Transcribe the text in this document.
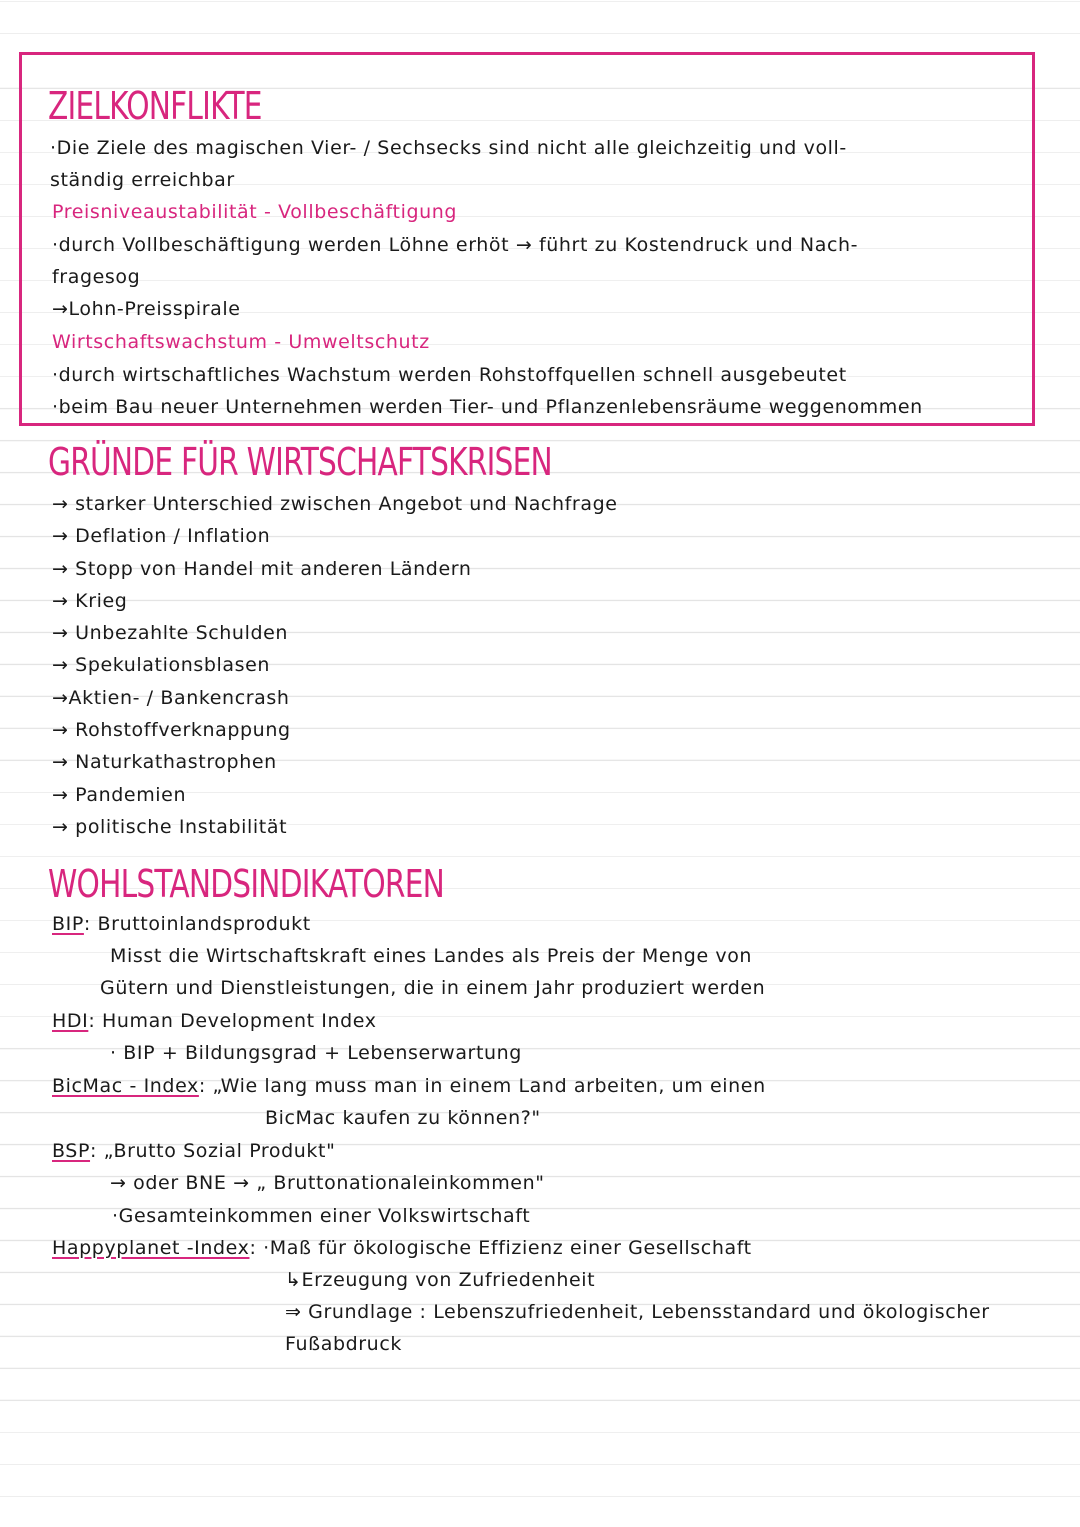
ZIELKONFLIKTE
·Die Ziele des magischen Vier- / Sechsecks sind nicht alle gleichzeitig und voll-
ständig erreichbar
Preisniveaustabilität - Vollbeschäftigung
·durch Vollbeschäftigung werden Löhne erhöt → führt zu Kostendruck und Nach-
fragesog
→Lohn-Preisspirale
Wirtschaftswachstum - Umweltschutz
·durch wirtschaftliches Wachstum werden Rohstoffquellen schnell ausgebeutet
·beim Bau neuer Unternehmen werden Tier- und Pflanzenlebensräume weggenommen
GRÜNDE FÜR WIRTSCHAFTSKRISEN
→ starker Unterschied zwischen Angebot und Nachfrage
→ Deflation / Inflation
→ Stopp von Handel mit anderen Ländern
→ Krieg
→ Unbezahlte Schulden
→ Spekulationsblasen
→Aktien- / Bankencrash
→ Rohstoffverknappung
→ Naturkathastrophen
→ Pandemien
→ politische Instabilität
WOHLSTANDSINDIKATOREN
BIP: Bruttoinlandsprodukt
Misst die Wirtschaftskraft eines Landes als Preis der Menge von
Gütern und Dienstleistungen, die in einem Jahr produziert werden
HDI: Human Development Index
· BIP + Bildungsgrad + Lebenserwartung
BicMac - Index: „Wie lang muss man in einem Land arbeiten, um einen
BicMac kaufen zu können?"
BSP: „Brutto Sozial Produkt"
→ oder BNE → „ Bruttonationaleinkommen"
·Gesamteinkommen einer Volkswirtschaft
Happyplanet -Index: ·Maß für ökologische Effizienz einer Gesellschaft
↳Erzeugung von Zufriedenheit
⇒ Grundlage : Lebenszufriedenheit, Lebensstandard und ökologischer
Fußabdruck
